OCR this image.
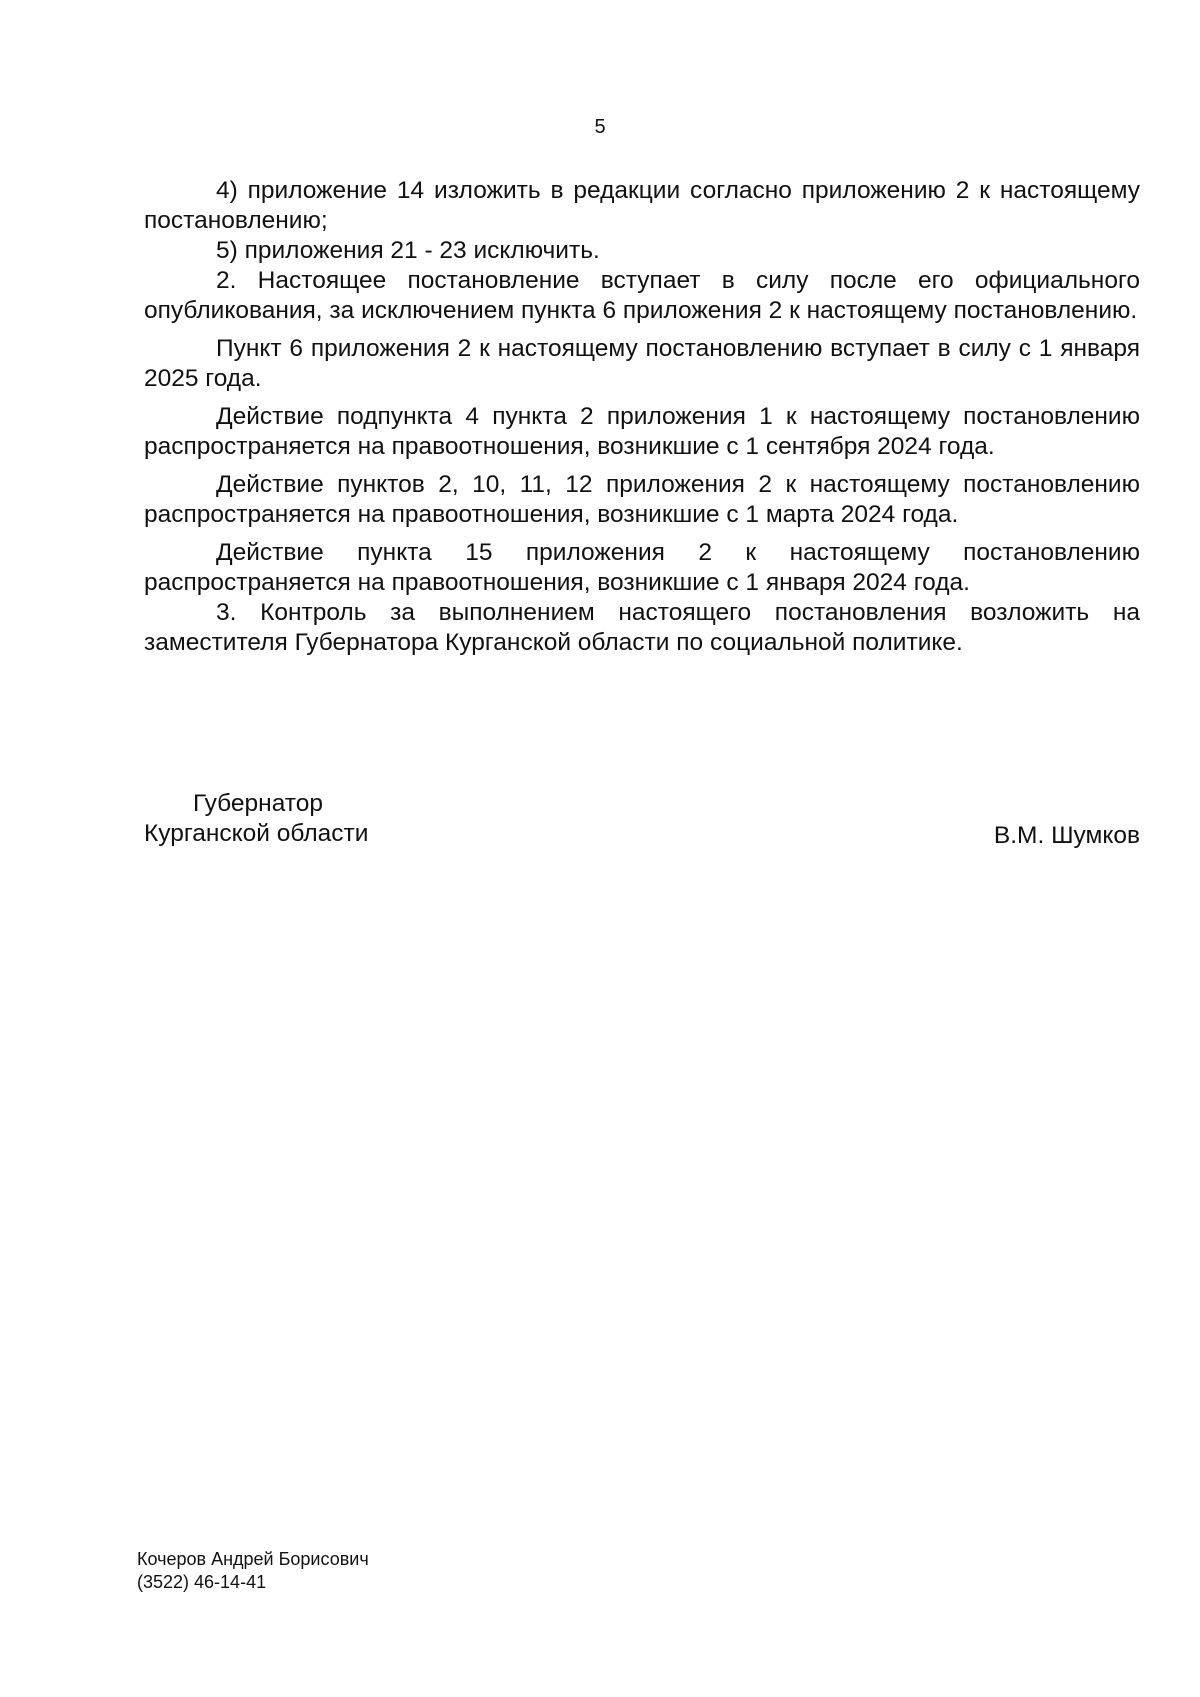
5

4) приложение 14 изложить в редакции согласно приложению 2 к настоящему постановлению;

5) приложения 21 - 23 исключить.

2. Настоящее постановление вступает в силу после его официального опубликования, за исключением пункта 6 приложения 2 к настоящему постановлению.

Пункт 6 приложения 2 к настоящему постановлению вступает в силу с 1 января 2025 года.

Действие подпункта 4 пункта 2 приложения 1 к настоящему постановлению распространяется на правоотношения, возникшие с 1 сентября 2024 года.

Действие пунктов 2, 10, 11, 12 приложения 2 к настоящему постановлению распространяется на правоотношения, возникшие с 1 марта 2024 года.

Действие пункта 15 приложения 2 к настоящему постановлению распространяется на правоотношения, возникшие с 1 января 2024 года.

3. Контроль за выполнением настоящего постановления возложить на заместителя Губернатора Курганской области по социальной политике.

Губернатор
Курганской области	В.М. Шумков
Кочеров Андрей Борисович
(3522) 46-14-41
